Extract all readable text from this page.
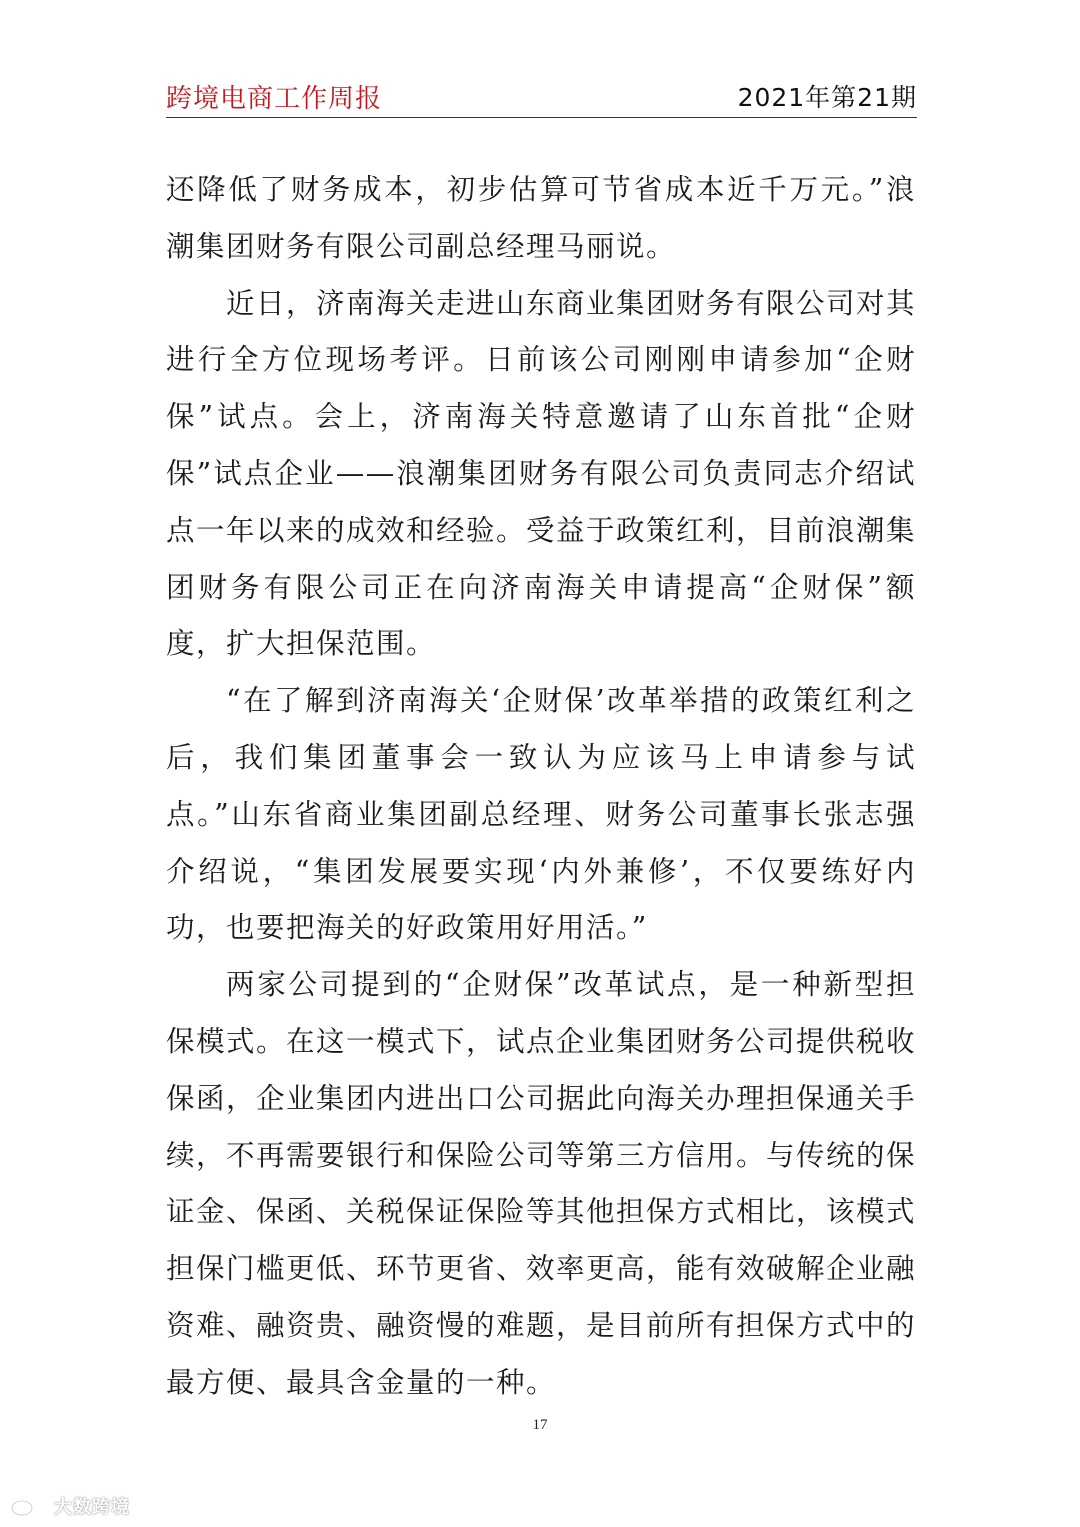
跨境电商工作周报	2021年第21期

还降低了财务成本，初步估算可节省成本近千万元。”浪潮集团财务有限公司副总经理马丽说。

近日，济南海关走进山东商业集团财务有限公司对其进行全方位现场考评。日前该公司刚刚申请参加“企财保”试点。会上，济南海关特意邀请了山东首批“企财保”试点企业——浪潮集团财务有限公司负责同志介绍试点一年以来的成效和经验。受益于政策红利，目前浪潮集团财务有限公司正在向济南海关申请提高“企财保”额度，扩大担保范围。

“在了解到济南海关‘企财保’改革举措的政策红利之后，我们集团董事会一致认为应该马上申请参与试点。”山东省商业集团副总经理、财务公司董事长张志强介绍说，“集团发展要实现‘内外兼修’，不仅要练好内功，也要把海关的好政策用好用活。”

两家公司提到的“企财保”改革试点，是一种新型担保模式。在这一模式下，试点企业集团财务公司提供税收保函，企业集团内进出口公司据此向海关办理担保通关手续，不再需要银行和保险公司等第三方信用。与传统的保证金、保函、关税保证保险等其他担保方式相比，该模式担保门槛更低、环节更省、效率更高，能有效破解企业融资难、融资贵、融资慢的难题，是目前所有担保方式中的最方便、最具含金量的一种。

17
大数跨境
